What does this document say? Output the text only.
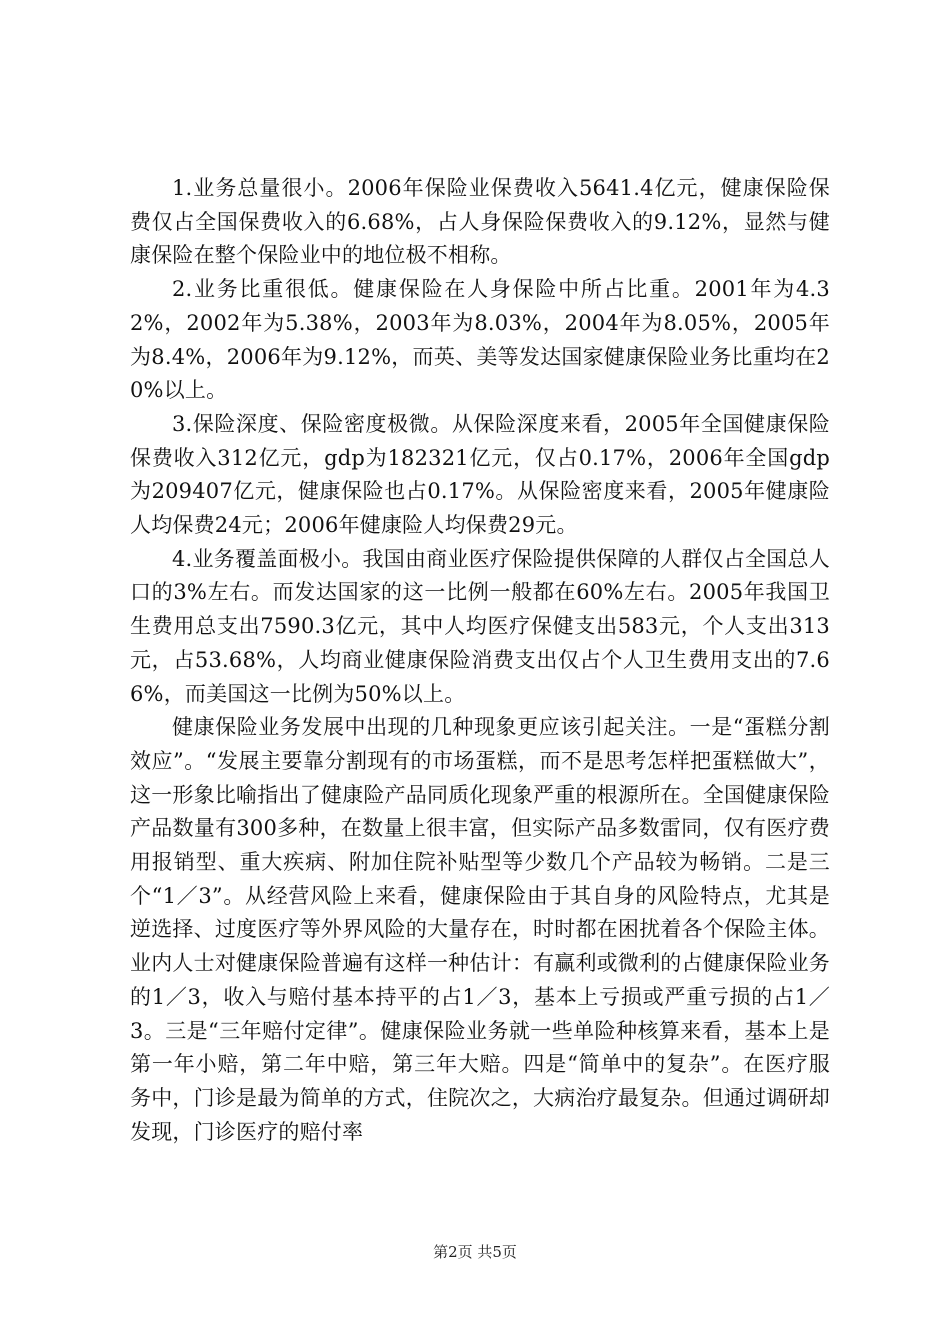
1.业务总量很小。2006年保险业保费收入5641.4亿元，健康保险保费仅占全国保费收入的6.68%，占人身保险保费收入的9.12%，显然与健康保险在整个保险业中的地位极不相称。

2.业务比重很低。健康保险在人身保险中所占比重。2001年为4.32%，2002年为5.38%，2003年为8.03%，2004年为8.05%，2005年为8.4%，2006年为9.12%，而英、美等发达国家健康保险业务比重均在20%以上。

3.保险深度、保险密度极微。从保险深度来看，2005年全国健康保险保费收入312亿元，gdp为182321亿元，仅占0.17%，2006年全国gdp为209407亿元，健康保险也占0.17%。从保险密度来看，2005年健康险人均保费24元；2006年健康险人均保费29元。

4.业务覆盖面极小。我国由商业医疗保险提供保障的人群仅占全国总人口的3%左右。而发达国家的这一比例一般都在60%左右。2005年我国卫生费用总支出7590.3亿元，其中人均医疗保健支出583元，个人支出313元，占53.68%，人均商业健康保险消费支出仅占个人卫生费用支出的7.66%，而美国这一比例为50%以上。

健康保险业务发展中出现的几种现象更应该引起关注。一是“蛋糕分割效应”。“发展主要靠分割现有的市场蛋糕，而不是思考怎样把蛋糕做大”，这一形象比喻指出了健康险产品同质化现象严重的根源所在。全国健康保险产品数量有300多种，在数量上很丰富，但实际产品多数雷同，仅有医疗费用报销型、重大疾病、附加住院补贴型等少数几个产品较为畅销。二是三个“1／3”。从经营风险上来看，健康保险由于其自身的风险特点，尤其是逆选择、过度医疗等外界风险的大量存在，时时都在困扰着各个保险主体。业内人士对健康保险普遍有这样一种估计：有赢利或微利的占健康保险业务的1／3，收入与赔付基本持平的占1／3，基本上亏损或严重亏损的占1／3。三是“三年赔付定律”。健康保险业务就一些单险种核算来看，基本上是第一年小赔，第二年中赔，第三年大赔。四是“简单中的复杂”。在医疗服务中，门诊是最为简单的方式，住院次之，大病治疗最复杂。但通过调研却发现，门诊医疗的赔付率

第2页 共5页
